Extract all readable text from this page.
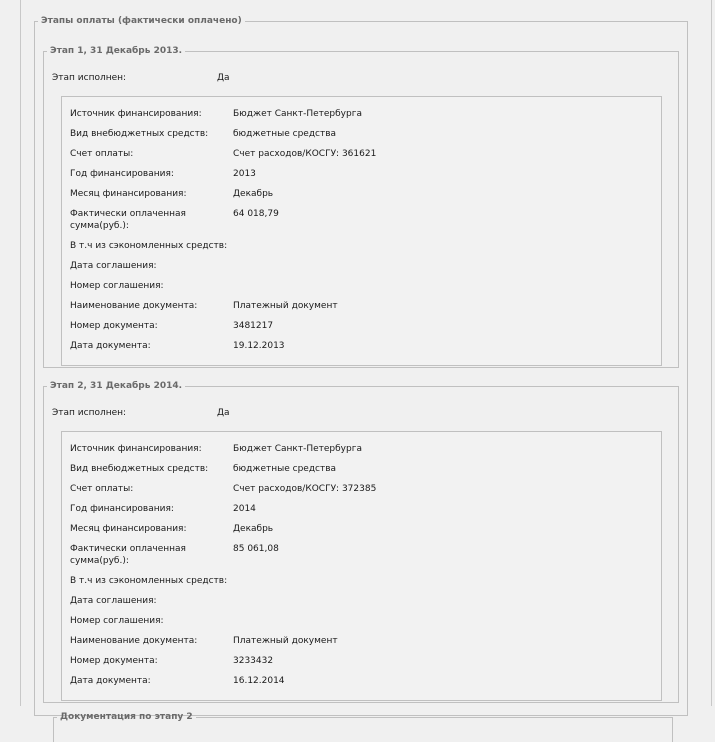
Этапы оплаты (фактически оплачено)
Этап 1, 31 Декабрь 2013.
Этап исполнен:	Да
Источник финансирования:	Бюджет Санкт-Петербурга
Вид внебюджетных средств:	бюджетные средства
Счет оплаты:	Счет расходов/КОСГУ: 361621
Год финансирования:	2013
Месяц финансирования:	Декабрь
Фактически оплаченная сумма(руб.):
64 018,79
В т.ч из сэкономленных средств:
Дата соглашения:
Номер соглашения:
Наименование документа:	Платежный документ
Номер документа:	3481217
Дата документа:	19.12.2013
Этап 2, 31 Декабрь 2014.
Этап исполнен:	Да
Источник финансирования:	Бюджет Санкт-Петербурга
Вид внебюджетных средств:	бюджетные средства
Счет оплаты:	Счет расходов/КОСГУ: 372385
Год финансирования:	2014
Месяц финансирования:	Декабрь
Фактически оплаченная сумма(руб.):
85 061,08
В т.ч из сэкономленных средств:
Дата соглашения:
Номер соглашения:
Наименование документа:	Платежный документ
Номер документа:	3233432
Дата документа:	16.12.2014
Документация по этапу 2
